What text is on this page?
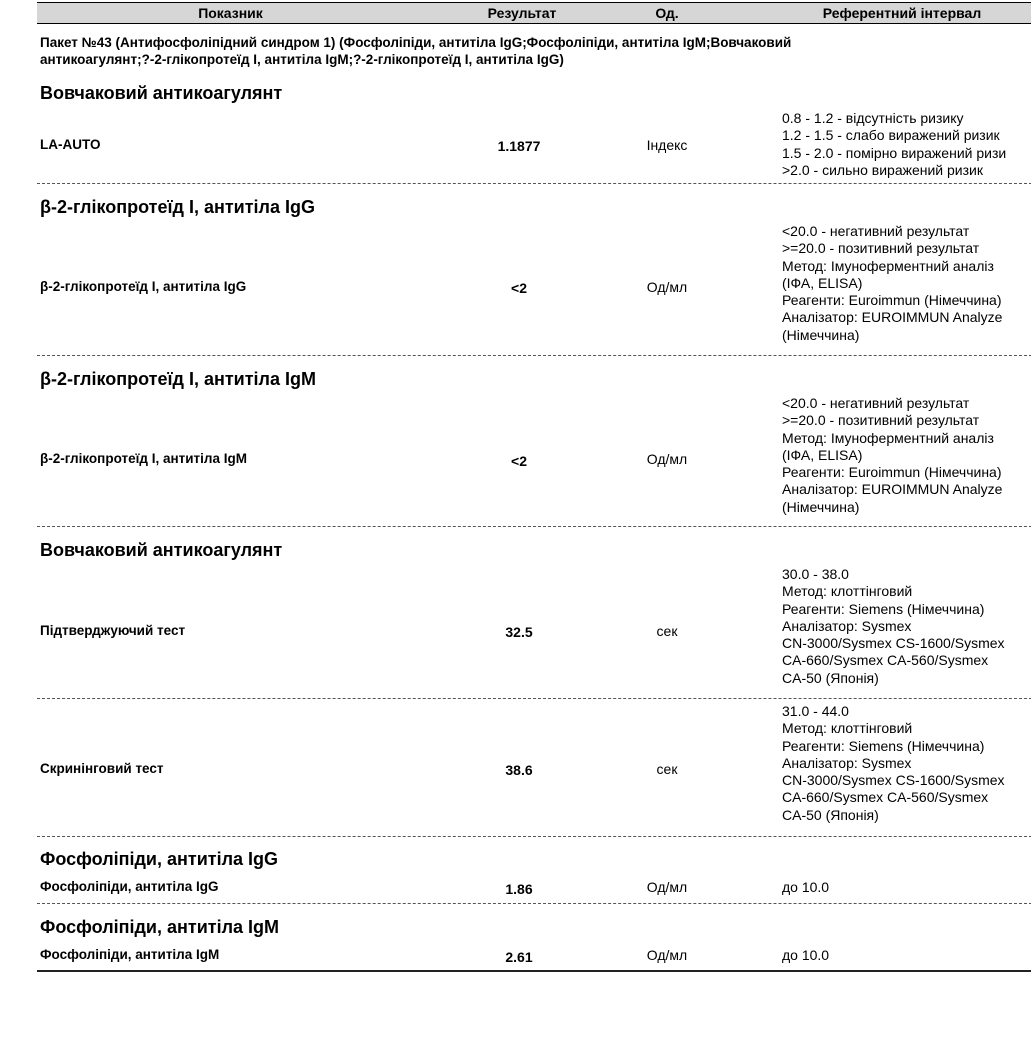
Показник	Результат	Од.	Референтний інтервал
Пакет №43 (Антифосфолiпiдний синдром 1) (Фосфолiпiди, антитiла IgG;Фосфолiпiди, антитiла IgM;Вовчаковий
антикоагулянт;?-2-глiкопротеїд I, антитiла IgM;?-2-глiкопротеїд I, антитiла IgG)
Вовчаковий антикоагулянт
LA-AUTO	1.1877	Індекс
0.8 - 1.2 - вiдсутнiсть ризику
1.2 - 1.5 - слабо виражений ризик
1.5 - 2.0 - помiрно виражений ризи
>2.0 - сильно виражений ризик
β-2-глiкопротеїд I, антитiла IgG
β-2-глiкопротеїд I, антитiла IgG	<2	Од/мл
<20.0 - негативний результат
>=20.0 - позитивний результат
Метод: Імуноферментний аналiз
(IФА, ELISA)
Реагенти: Euroimmun (Нiмеччина)
Аналiзатор: EUROIMMUN Analyze
(Нiмеччина)
β-2-глiкопротеїд I, антитiла IgM
β-2-глiкопротеїд I, антитiла IgM	<2	Од/мл
<20.0 - негативний результат
>=20.0 - позитивний результат
Метод: Імуноферментний аналiз
(IФА, ELISA)
Реагенти: Euroimmun (Нiмеччина)
Аналiзатор: EUROIMMUN Analyze
(Нiмеччина)
Вовчаковий антикоагулянт
Пiдтверджуючий тест	32.5	сек
30.0 - 38.0
Метод: клоттiнговий
Реагенти: Siemens (Нiмеччина)
Аналiзатор: Sysmex
CN-3000/Sysmex CS-1600/Sysmex
CA-660/Sysmex CA-560/Sysmex
CA-50 (Японiя)
Скринiнговий тест	38.6	сек
31.0 - 44.0
Метод: клоттiнговий
Реагенти: Siemens (Нiмеччина)
Аналiзатор: Sysmex
CN-3000/Sysmex CS-1600/Sysmex
CA-660/Sysmex CA-560/Sysmex
CA-50 (Японiя)
Фосфолiпiди, антитiла IgG
Фосфолiпiди, антитiла IgG	1.86	Од/мл	до 10.0
Фосфолiпiди, антитiла IgM
Фосфолiпiди, антитiла IgM	2.61	Од/мл	до 10.0
